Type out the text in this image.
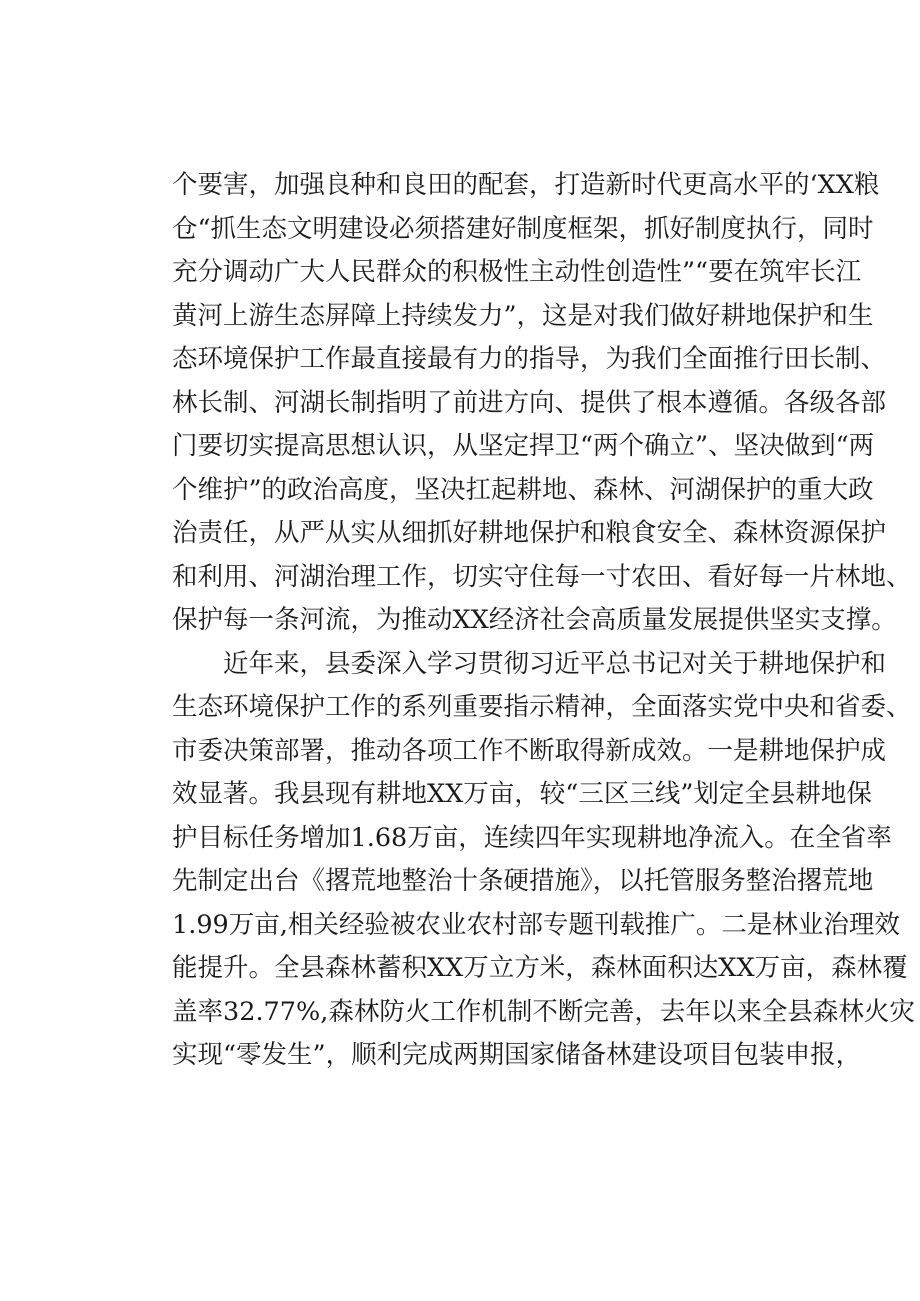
个要害，加强良种和良田的配套，打造新时代更高水平的‘XX粮
仓“抓生态文明建设必须搭建好制度框架，抓好制度执行，同时
充分调动广大人民群众的积极性主动性创造性”“要在筑牢长江
黄河上游生态屏障上持续发力”，这是对我们做好耕地保护和生
态环境保护工作最直接最有力的指导，为我们全面推行田长制、
林长制、河湖长制指明了前进方向、提供了根本遵循。各级各部
门要切实提高思想认识，从坚定捍卫“两个确立”、坚决做到“两
个维护”的政治高度，坚决扛起耕地、森林、河湖保护的重大政
治责任，从严从实从细抓好耕地保护和粮食安全、森林资源保护
和利用、河湖治理工作，切实守住每一寸农田、看好每一片林地、
保护每一条河流，为推动XX经济社会高质量发展提供坚实支撑。
近年来，县委深入学习贯彻习近平总书记对关于耕地保护和
生态环境保护工作的系列重要指示精神，全面落实党中央和省委、
市委决策部署，推动各项工作不断取得新成效。一是耕地保护成
效显著。我县现有耕地XX万亩，较“三区三线”划定全县耕地保
护目标任务增加1.68万亩，连续四年实现耕地净流入。在全省率
先制定出台《撂荒地整治十条硬措施》，以托管服务整治撂荒地
1.99万亩,相关经验被农业农村部专题刊载推广。二是林业治理效
能提升。全县森林蓄积XX万立方米，森林面积达XX万亩，森林覆
盖率32.77%,森林防火工作机制不断完善，去年以来全县森林火灾
实现“零发生”，顺利完成两期国家储备林建设项目包装申报，
